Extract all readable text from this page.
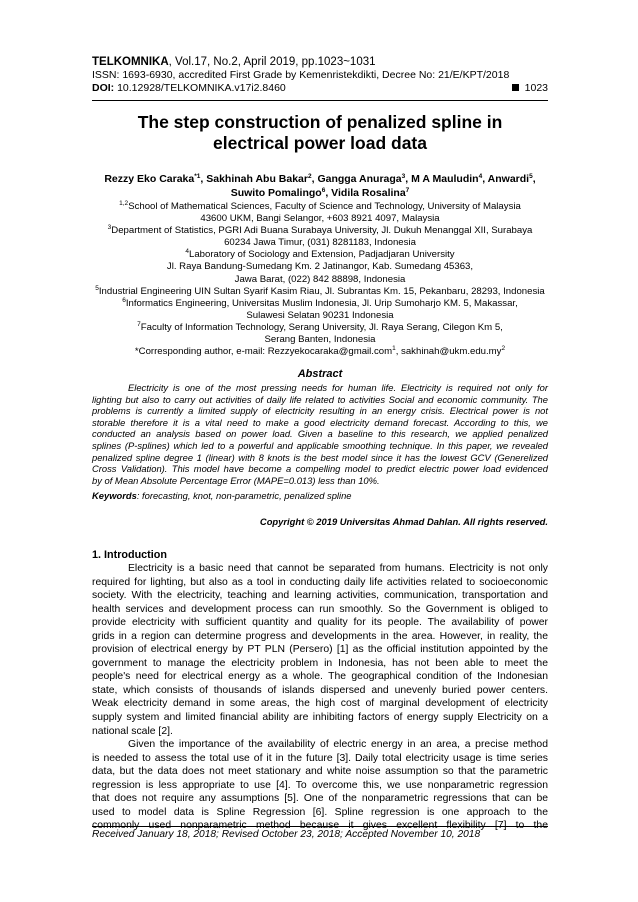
TELKOMNIKA, Vol.17, No.2, April 2019, pp.1023~1031
ISSN: 1693-6930, accredited First Grade by Kemenristekdikti, Decree No: 21/E/KPT/2018
DOI: 10.12928/TELKOMNIKA.v17i2.8460	1023
The step construction of penalized spline in
electrical power load data
Rezzy Eko Caraka$^{*1}$, Sakhinah Abu Bakar$^2$, Gangga Anuraga$^3$, M A Mauludin$^4$, Anwardi$^5$,
Suwito Pomalingo$^6$, Vidila Rosalina$^7$
$^{1,2}$School of Mathematical Sciences, Faculty of Science and Technology, University of Malaysia
43600 UKM, Bangi Selangor, +603 8921 4097, Malaysia
$^3$Department of Statistics, PGRI Adi Buana Surabaya University, Jl. Dukuh Menanggal XII, Surabaya
60234 Jawa Timur, (031) 8281183, Indonesia
$^4$Laboratory of Sociology and Extension, Padjadjaran University
Jl. Raya Bandung-Sumedang Km. 2 Jatinangor, Kab. Sumedang 45363,
Jawa Barat, (022) 842 88898, Indonesia
$^5$Industrial Engineering UIN Sultan Syarif Kasim Riau, Jl. Subrantas Km. 15, Pekanbaru, 28293, Indonesia
$^6$Informatics Engineering, Universitas Muslim Indonesia, Jl. Urip Sumoharjo KM. 5, Makassar,
Sulawesi Selatan 90231 Indonesia
$^7$Faculty of Information Technology, Serang University, Jl. Raya Serang, Cilegon Km 5,
Serang Banten, Indonesia
*Corresponding author, e-mail: Rezzyekocaraka@gmail.com$^1$, $sakhinah@ukm.edu.my^2$
Abstract
Electricity is one of the most pressing needs for human life. Electricity is required not only for
lighting but also to carry out activities of daily life related to activities Social and economic community. The
problems is currently a limited supply of electricity resulting in an energy crisis. Electrical power is not
storable therefore it is a vital need to make a good electricity demand forecast. According to this, we
conducted an analysis based on power load. Given a baseline to this research, we applied penalized
splines (P-splines) which led to a powerful and applicable smoothing technique. In this paper, we revealed
penalized spline degree 1 (linear) with 8 knots is the best model since it has the lowest GCV (Generelized
Cross Validation). This model have become a compelling model to predict electric power load evidenced
by of Mean Absolute Percentage Error (MAPE=0.013) less than 10%.
Keywords: forecasting, knot, non-parametric, penalized spline
Copyright © 2019 Universitas Ahmad Dahlan. All rights reserved.
1. Introduction
Electricity is a basic need that cannot be separated from humans. Electricity is not only
required for lighting, but also as a tool in conducting daily life activities related to socioeconomic
society. With the electricity, teaching and learning activities, communication, transportation and
health services and development process can run smoothly. So the Government is obliged to
provide electricity with sufficient quantity and quality for its people. The availability of power
grids in a region can determine progress and developments in the area. However, in reality, the
provision of electrical energy by PT PLN (Persero) [1] as the official institution appointed by the
government to manage the electricity problem in Indonesia, has not been able to meet the
people's need for electrical energy as a whole. The geographical condition of the Indonesian
state, which consists of thousands of islands dispersed and unevenly buried power centers.
Weak electricity demand in some areas, the high cost of marginal development of electricity
supply system and limited financial ability are inhibiting factors of energy supply Electricity on a
national scale [2].
Given the importance of the availability of electric energy in an area, a precise method
is needed to assess the total use of it in the future [3]. Daily total electricity usage is time series
data, but the data does not meet stationary and white noise assumption so that the parametric
regression is less appropriate to use [4]. To overcome this, we use nonparametric regression
that does not require any assumptions [5]. One of the nonparametric regressions that can be
used to model data is Spline Regression [6]. Spline regression is one approach to the
commonly used nonparametric method because it gives excellent flexibility [7] to the
Received January 18, 2018; Revised October 23, 2018; Accepted November 10, 2018
